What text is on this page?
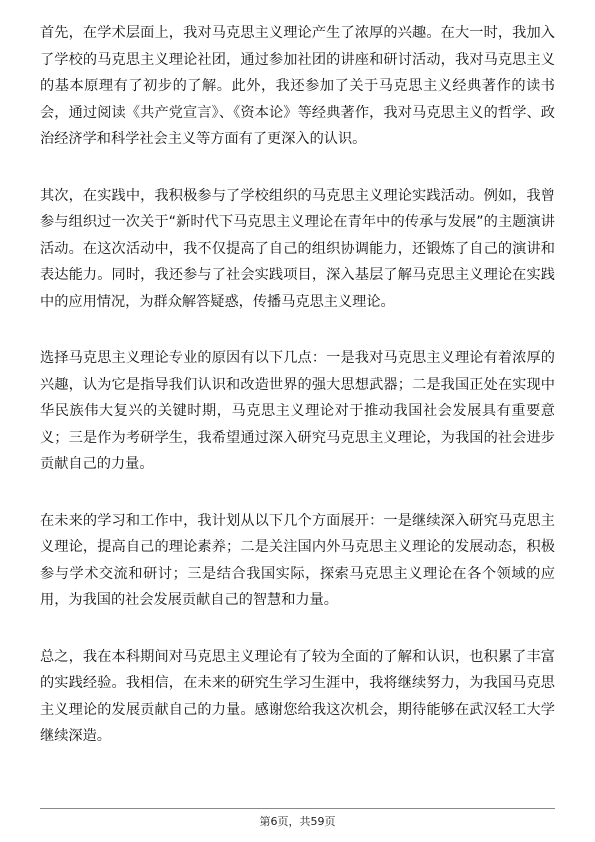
首先，在学术层面上，我对马克思主义理论产生了浓厚的兴趣。在大一时，我加入了学校的马克思主义理论社团，通过参加社团的讲座和研讨活动，我对马克思主义的基本原理有了初步的了解。此外，我还参加了关于马克思主义经典著作的读书会，通过阅读《共产党宣言》、《资本论》等经典著作，我对马克思主义的哲学、政治经济学和科学社会主义等方面有了更深入的认识。

其次，在实践中，我积极参与了学校组织的马克思主义理论实践活动。例如，我曾参与组织过一次关于“新时代下马克思主义理论在青年中的传承与发展”的主题演讲活动。在这次活动中，我不仅提高了自己的组织协调能力，还锻炼了自己的演讲和表达能力。同时，我还参与了社会实践项目，深入基层了解马克思主义理论在实践中的应用情况，为群众解答疑惑，传播马克思主义理论。

选择马克思主义理论专业的原因有以下几点：一是我对马克思主义理论有着浓厚的兴趣，认为它是指导我们认识和改造世界的强大思想武器；二是我国正处在实现中华民族伟大复兴的关键时期，马克思主义理论对于推动我国社会发展具有重要意义；三是作为考研学生，我希望通过深入研究马克思主义理论，为我国的社会进步贡献自己的力量。

在未来的学习和工作中，我计划从以下几个方面展开：一是继续深入研究马克思主义理论，提高自己的理论素养；二是关注国内外马克思主义理论的发展动态，积极参与学术交流和研讨；三是结合我国实际，探索马克思主义理论在各个领域的应用，为我国的社会发展贡献自己的智慧和力量。

总之，我在本科期间对马克思主义理论有了较为全面的了解和认识，也积累了丰富的实践经验。我相信，在未来的研究生学习生涯中，我将继续努力，为我国马克思主义理论的发展贡献自己的力量。感谢您给我这次机会，期待能够在武汉轻工大学继续深造。

第6页，共59页
